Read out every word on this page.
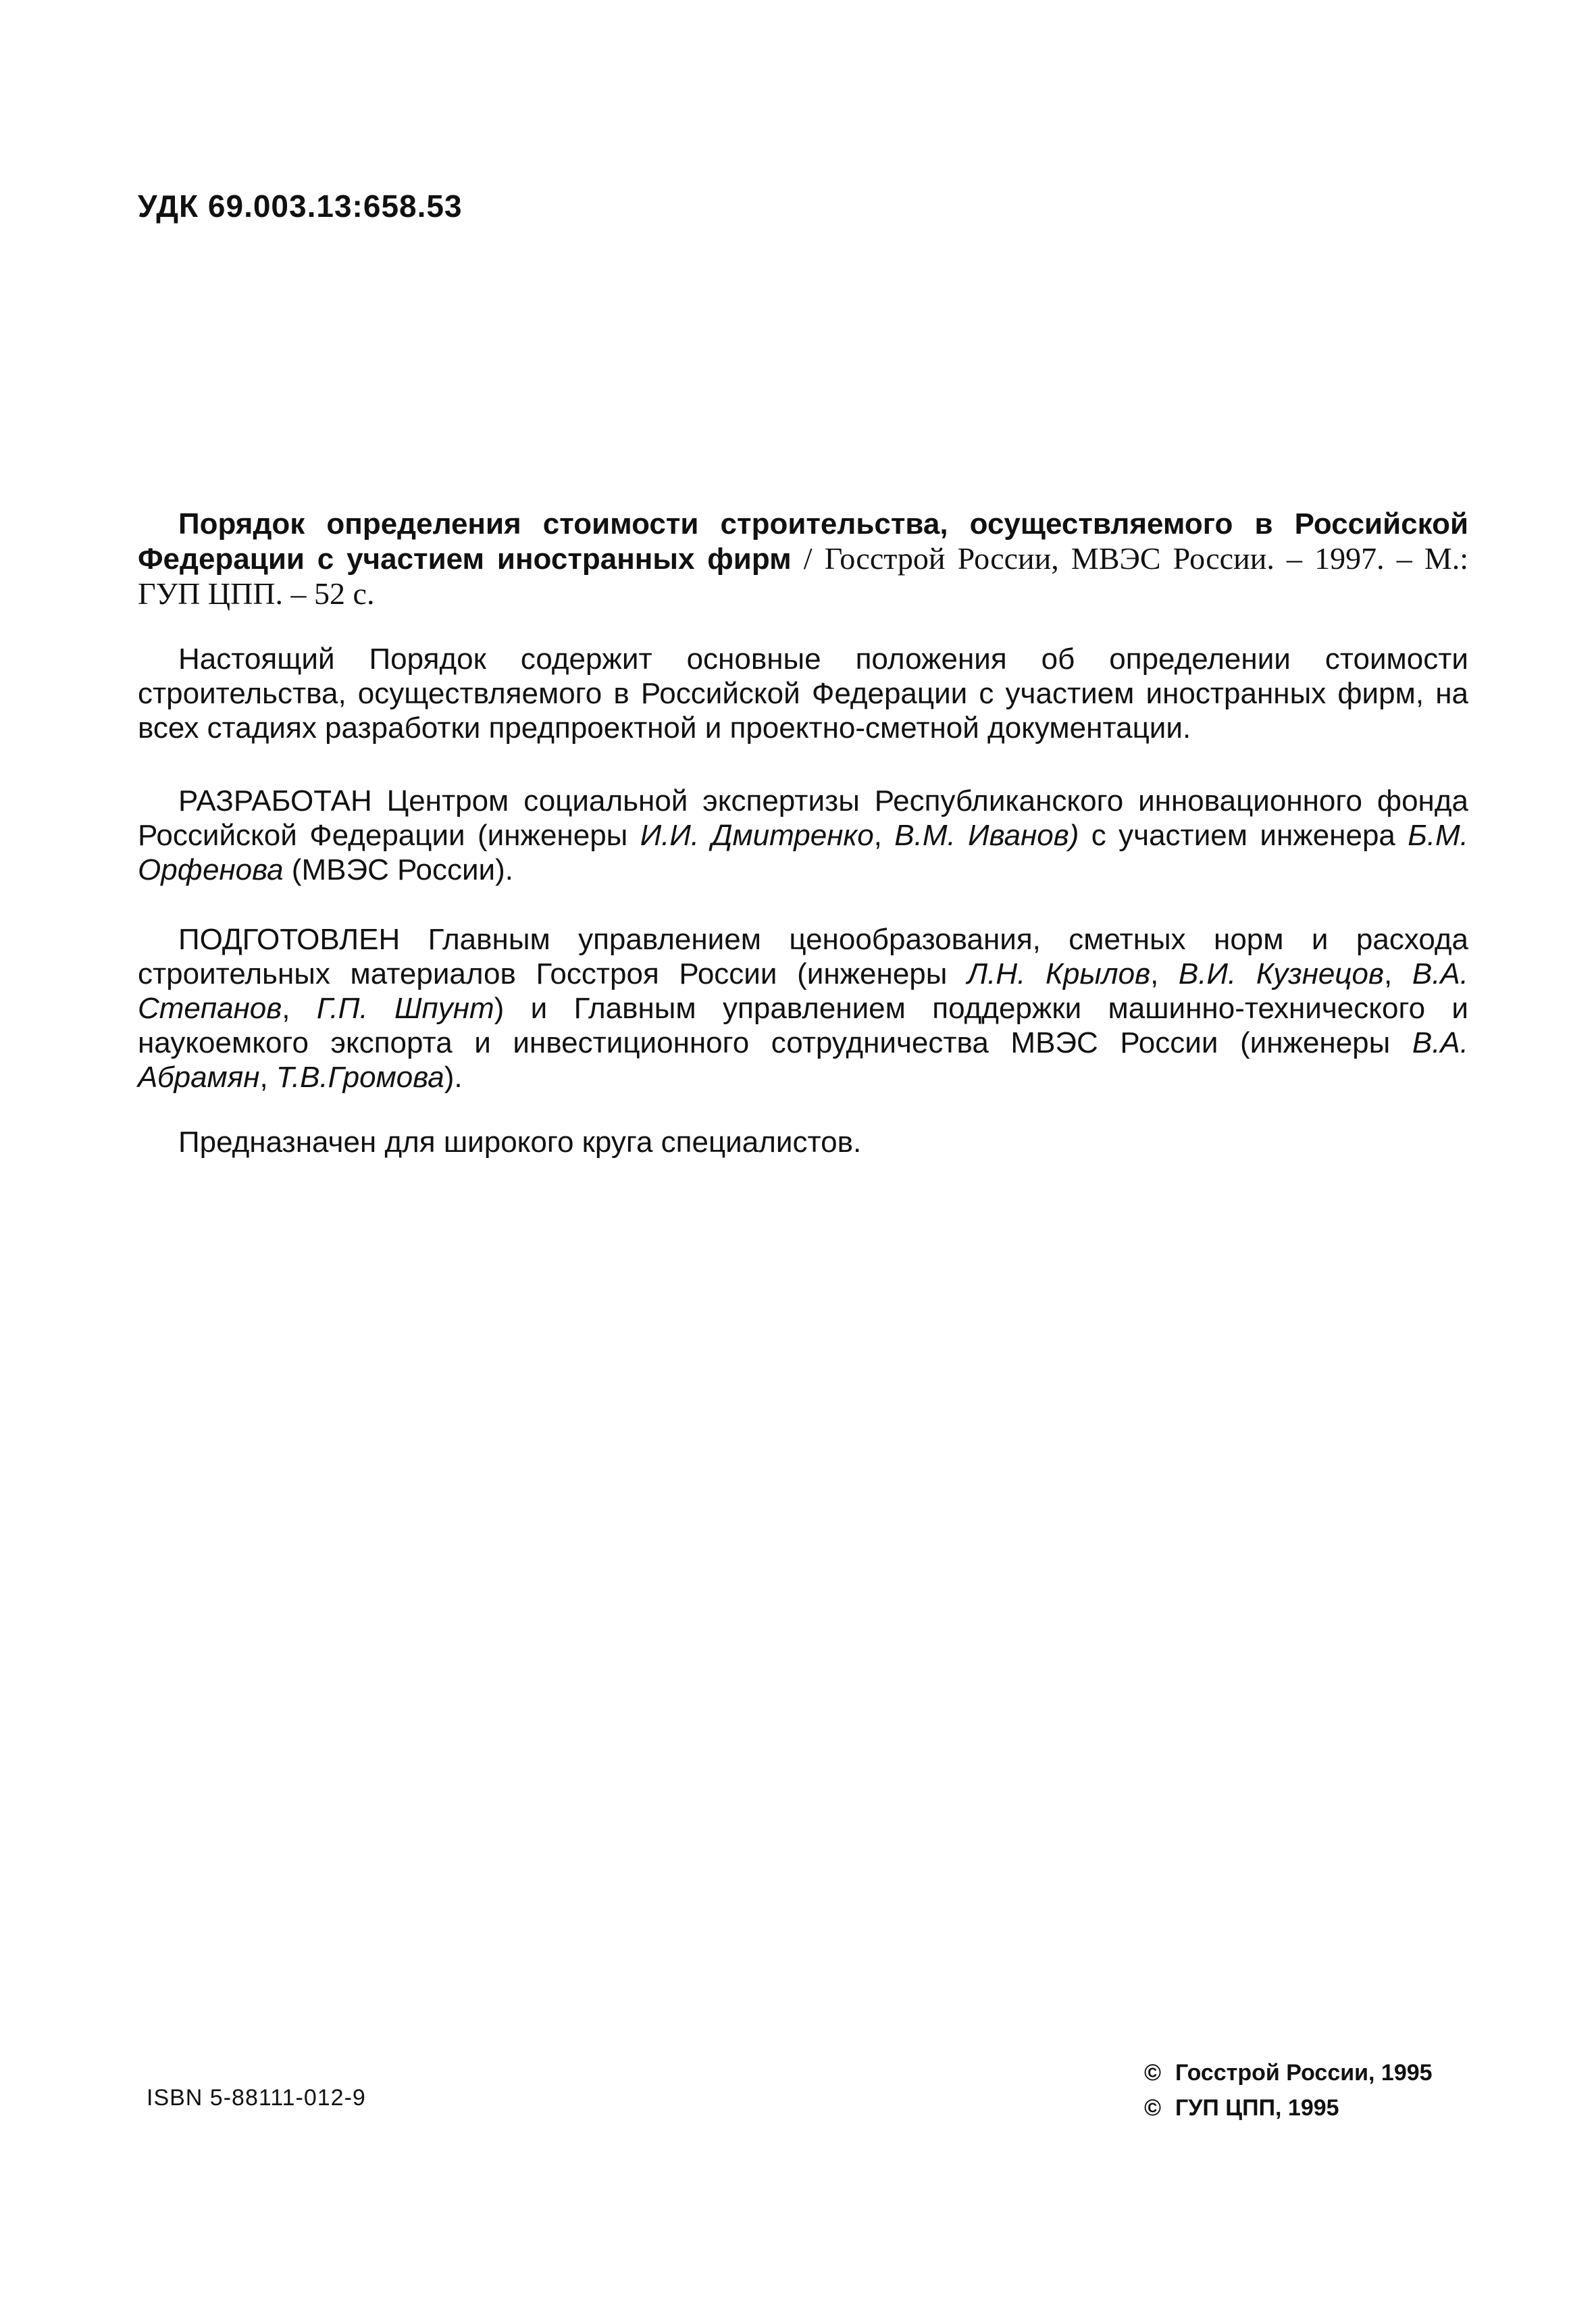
УДК 69.003.13:658.53

Порядок определения стоимости строительства, осуществляемого в Российской Федерации с участием иностранных фирм / Госстрой России, МВЭС России. – 1997. – М.: ГУП ЦПП. – 52 с.

Настоящий Порядок содержит основные положения об определении стоимости строительства, осуществляемого в Российской Федерации с участием иностранных фирм, на всех стадиях разработки предпроектной и проектно-сметной документации.

РАЗРАБОТАН Центром социальной экспертизы Республиканского инновационного фонда Российской Федерации (инженеры И.И. Дмитренко, В.М. Иванов) с участием инженера Б.М. Орфенова (МВЭС России).

ПОДГОТОВЛЕН Главным управлением ценообразования, сметных норм и расхода строительных материалов Госстроя России (инженеры Л.Н. Крылов, В.И. Кузнецов, В.А. Степанов, Г.П. Шпунт) и Главным управлением поддержки машинно-технического и наукоемкого экспорта и инвестиционного сотрудничества МВЭС России (инженеры В.А. Абрамян, Т.В.Громова).

Предназначен для широкого круга специалистов.

ISBN 5-88111-012-9
© Госстрой России, 1995
© ГУП ЦПП, 1995
